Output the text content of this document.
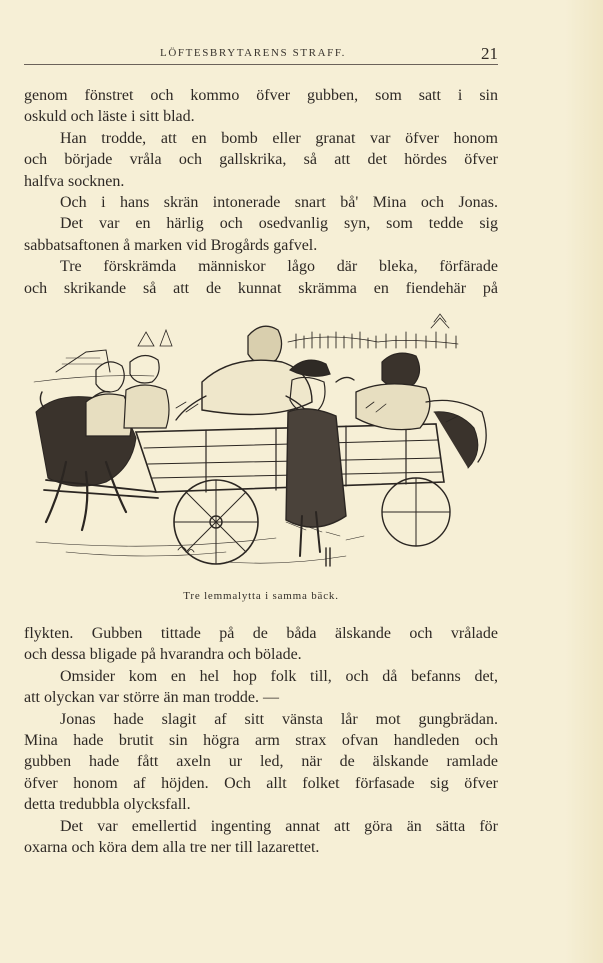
LÖFTESBRYTARENS STRAFF.	21
genom fönstret och kommo öfver gubben, som satt i sin
oskuld och läste i sitt blad.
Han trodde, att en bomb eller granat var öfver honom
och började vråla och gallskrika, så att det hördes öfver
halfva socknen.
Och i hans skrän intonerade snart bå' Mina och Jonas.
Det var en härlig och osedvanlig syn, som tedde sig
sabbatsaftonen å marken vid Brogårds gafvel.
Tre förskrämda människor lågo där bleka, förfärade
och skrikande så att de kunnat skrämma en fiendehär på
Tre lemmalytta i samma bäck.
flykten. Gubben tittade på de båda älskande och vrålade
och dessa bligade på hvarandra och bölade.
Omsider kom en hel hop folk till, och då befanns det,
att olyckan var större än man trodde. —
Jonas hade slagit af sitt vänsta lår mot gungbrädan.
Mina hade brutit sin högra arm strax ofvan handleden och
gubben hade fått axeln ur led, när de älskande ramlade
öfver honom af höjden. Och allt folket förfasade sig öfver
detta tredubbla olycksfall.
Det var emellertid ingenting annat att göra än sätta för
oxarna och köra dem alla tre ner till lazarettet.
